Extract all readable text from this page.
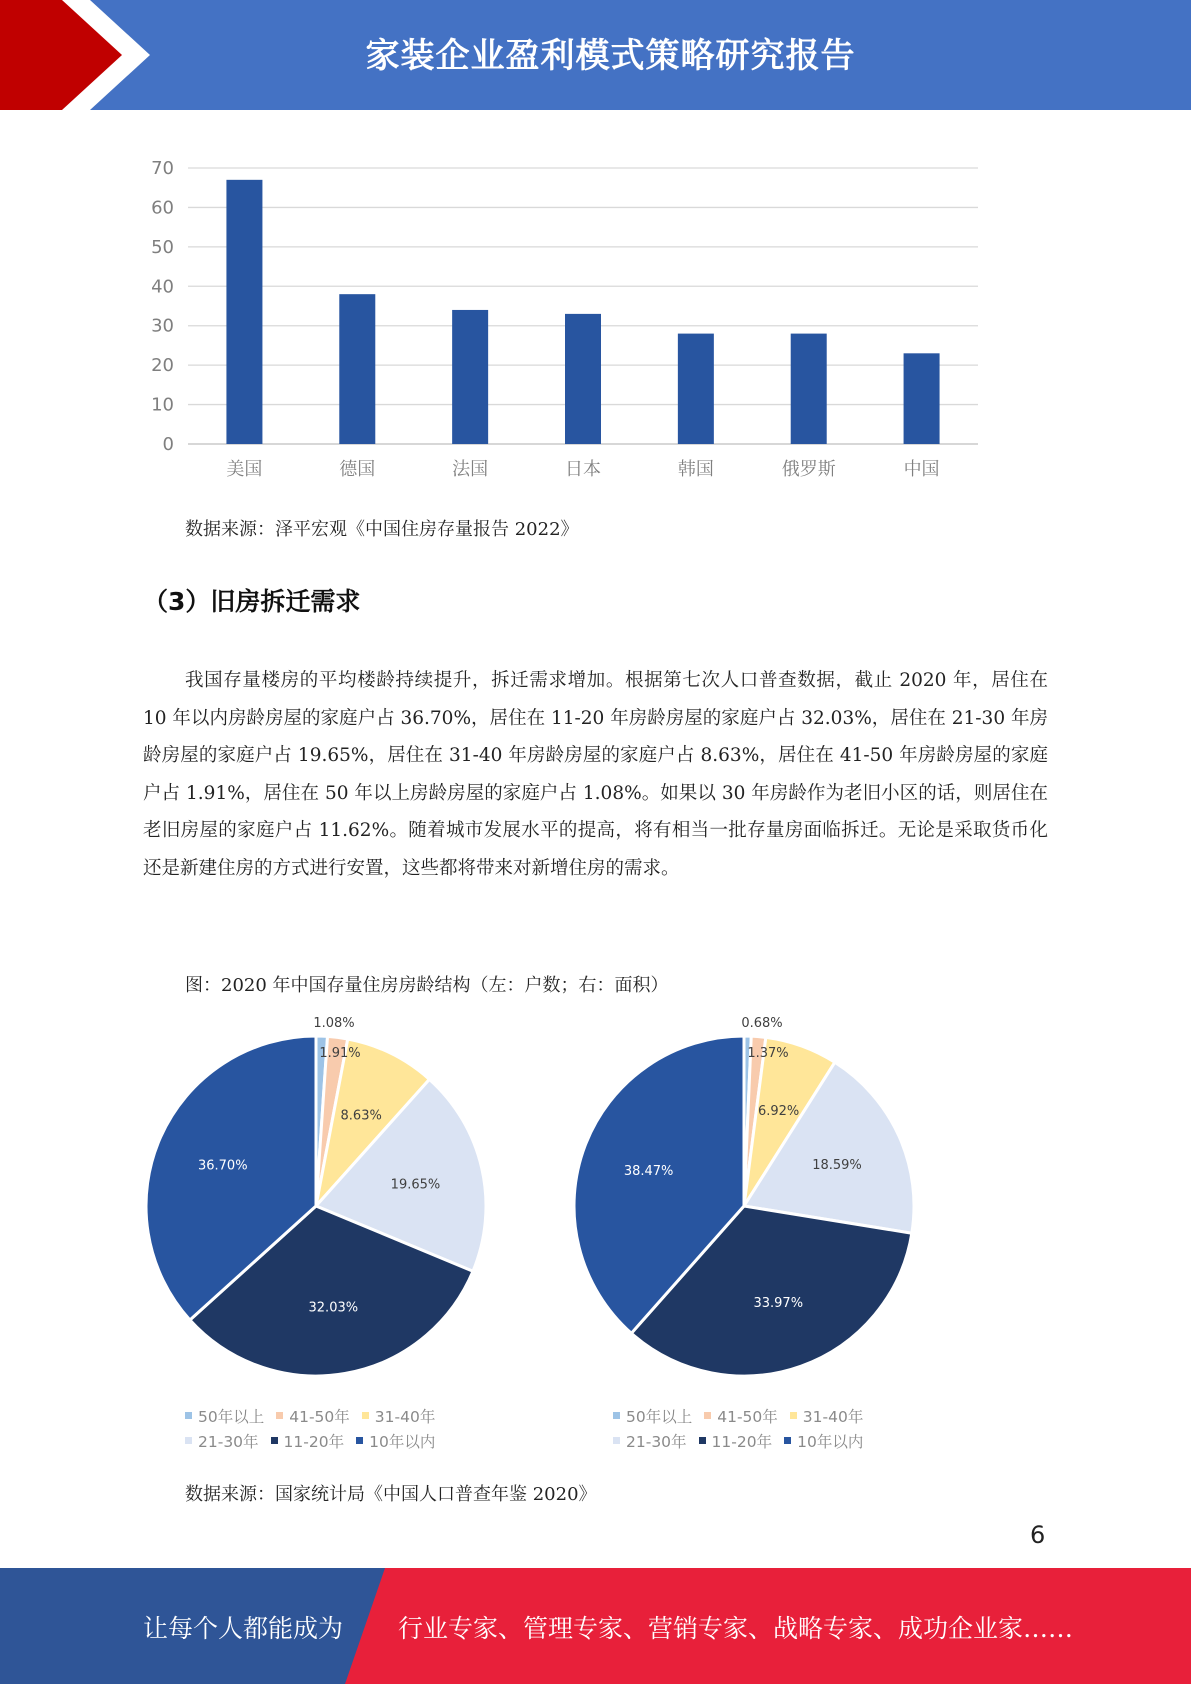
家装企业盈利模式策略研究报告
0
10
20
30
40
50
60
70
美国	德国	法国	日本	韩国	俄罗斯	中国
数据来源：泽平宏观《中国住房存量报告 2022》
（3）旧房拆迁需求

我国存量楼房的平均楼龄持续提升，拆迁需求增加。根据第七次人口普查数据，截止 2020 年，居住在 10 年以内房龄房屋的家庭户占 36.70%，居住在 11-20 年房龄房屋的家庭户占 32.03%，居住在 21-30 年房龄房屋的家庭户占 19.65%，居住在 31-40 年房龄房屋的家庭户占 8.63%，居住在 41-50 年房龄房屋的家庭户占 1.91%，居住在 50 年以上房龄房屋的家庭户占 1.08%。如果以 30 年房龄作为老旧小区的话，则居住在老旧房屋的家庭户占 11.62%。随着城市发展水平的提高，将有相当一批存量房面临拆迁。无论是采取货币化还是新建住房的方式进行安置，这些都将带来对新增住房的需求。

图：2020 年中国存量住房房龄结构（左：户数；右：面积）
1.08%
1.91%
8.63%
19.65%
32.03%
36.70%
0.68%
1.37%
6.92%
18.59%
33.97%
38.47%
50年以上 41-50年 31-40年
21-30年 11-20年 10年以内
50年以上 41-50年 31-40年
21-30年 11-20年 10年以内
数据来源：国家统计局《中国人口普查年鉴 2020》
6
让每个人都能成为 行业专家、管理专家、营销专家、战略专家、成功企业家……
